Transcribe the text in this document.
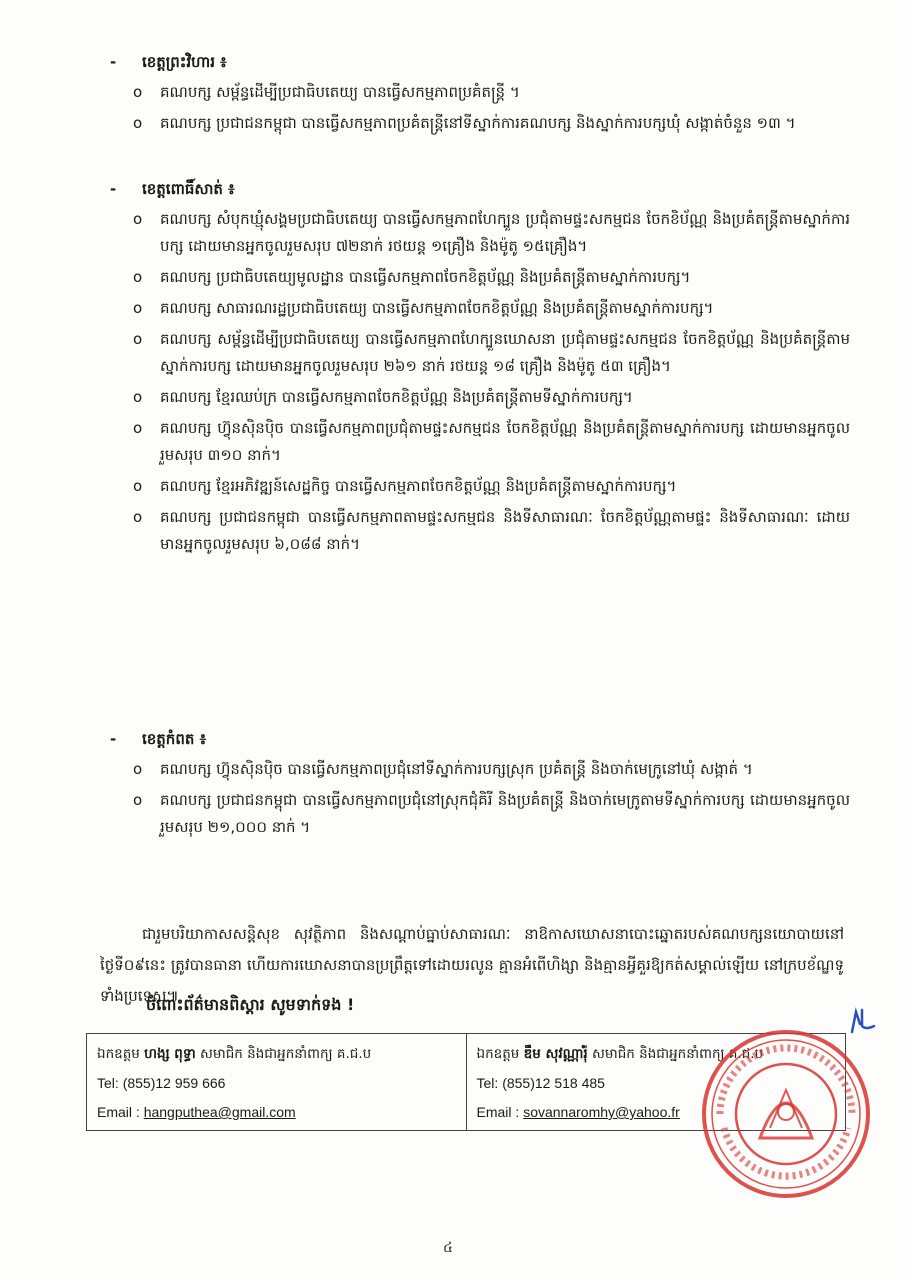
-	ខេត្តព្រះវិហារ ៖
o	គណបក្ស សម្ព័ន្ធដើម្បីប្រជាធិបតេយ្យ បានធ្វើសកម្មភាពប្រគំតន្ត្រី ។
o	គណបក្ស ប្រជាជនកម្ពុជា បានធ្វើសកម្មភាពប្រគំតន្ត្រីនៅទីស្នាក់ការគណបក្ស និងស្នាក់ការបក្សឃុំ សង្កាត់ចំនួន ១៣ ។
-	ខេត្តពោធិ៍សាត់ ៖
o	គណបក្ស សំបុកឃ្មុំសង្គមប្រជាធិបតេយ្យ បានធ្វើសកម្មភាពហែក្បួន ប្រជុំតាមផ្ទះសកម្មជន ចែកខិប័ណ្ណ និងប្រគំតន្ត្រីតាមស្នាក់ការបក្ស ដោយមានអ្នកចូលរួមសរុប ៧២នាក់ រថយន្ត ១គ្រឿង និងម៉ូតូ ១៥គ្រឿង។
o	គណបក្ស ប្រជាធិបតេយ្យមូលដ្ឋាន បានធ្វើសកម្មភាពចែកខិត្តប័ណ្ណ និងប្រគំតន្ត្រីតាមស្នាក់ការបក្ស។
o	គណបក្ស សាធារណរដ្ឋប្រជាធិបតេយ្យ បានធ្វើសកម្មភាពចែកខិត្តប័ណ្ណ និងប្រគំតន្ត្រីតាមស្នាក់ការបក្ស។
o	គណបក្ស សម្ព័ន្ធដើម្បីប្រជាធិបតេយ្យ បានធ្វើសកម្មភាពហែក្បួនឃោសនា ប្រជុំតាមផ្ទះសកម្មជន ចែកខិត្តប័ណ្ណ និងប្រគំតន្ត្រីតាមស្នាក់ការបក្ស ដោយមានអ្នកចូលរួមសរុប ២៦១ នាក់ រថយន្ត ១៨ គ្រឿង និងម៉ូតូ ៥៣ គ្រឿង។
o	គណបក្ស ខ្មែរឈប់ក្រ បានធ្វើសកម្មភាពចែកខិត្តប័ណ្ណ និងប្រគំតន្ត្រីតាមទីស្នាក់ការបក្ស។
o	គណបក្ស ហ៊្វុនស៊ិនប៉ិច បានធ្វើសកម្មភាពប្រជុំតាមផ្ទះសកម្មជន ចែកខិត្តប័ណ្ណ និងប្រគំតន្ត្រីតាមស្នាក់ការបក្ស ដោយមានអ្នកចូលរួមសរុប ៣១០ នាក់។
o	គណបក្ស ខ្មែរអភិវឌ្ឍន៍សេដ្ឋកិច្ច បានធ្វើសកម្មភាពចែកខិត្តប័ណ្ណ និងប្រគំតន្ត្រីតាមស្នាក់ការបក្ស។
o	គណបក្ស ប្រជាជនកម្ពុជា បានធ្វើសកម្មភាពតាមផ្ទះសកម្មជន និងទីសាធារណៈ ចែកខិត្តប័ណ្ណតាមផ្ទះ និងទីសាធារណៈ ដោយមានអ្នកចូលរួមសរុប ៦,០៨៨ នាក់។
-	ខេត្តកំពត ៖
o	គណបក្ស ហ៊្វុនស៊ិនប៉ិច បានធ្វើសកម្មភាពប្រជុំនៅទីស្នាក់ការបក្សស្រុក ប្រគំតន្ត្រី និងចាក់មេក្រូនៅឃុំ សង្កាត់ ។
o	គណបក្ស ប្រជាជនកម្ពុជា បានធ្វើសកម្មភាពប្រជុំនៅស្រុកជុំគិរី និងប្រគំតន្ត្រី និងចាក់មេក្រូតាមទីស្នាក់ការបក្ស ដោយមានអ្នកចូលរួមសរុប ២១,០០០ នាក់ ។

ជារួមបរិយាកាសសន្តិសុខ សុវត្ថិភាព និងសណ្តាប់ធ្នាប់សាធារណៈ នាឱកាសឃោសនាបោះឆ្នោតរបស់គណបក្សនយោបាយនៅថ្ងៃទី០៩នេះ ត្រូវបានធានា ហើយការឃោសនាបានប្រព្រឹត្តទៅដោយរលូន គ្មានអំពើហិង្សា និងគ្មានអ្វីគួរឱ្យកត់សម្គាល់ឡើយ នៅក្របខ័ណ្ឌទូទាំងប្រទេស៕

ចំពោះព័ត៌មានពិស្តារ សូមទាក់ទង !
ឯកឧត្តម ហង្ស ពុទ្ធា សមាជិក និងជាអ្នកនាំពាក្យ គ.ជ.ប
Tel: (855)12 959 666
Email : hangputhea@gmail.com
ឯកឧត្តម ឌឹម សុវណ្ណារ៉ុំ សមាជិក និងជាអ្នកនាំពាក្យ គ.ជ.ប
Tel: (855)12 518 485
Email : sovannaromhy@yahoo.fr
៤
